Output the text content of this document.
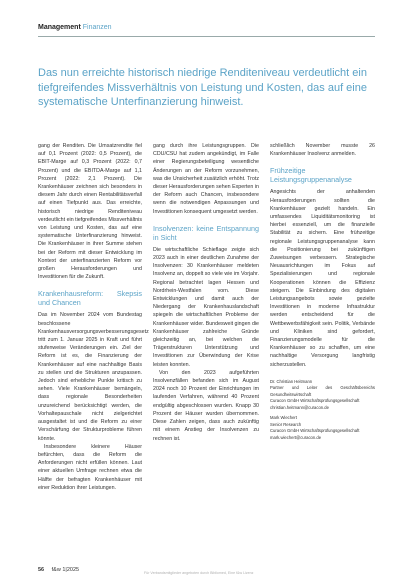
Management Finanzen
Das nun erreichte historisch niedrige Renditeniveau verdeutlicht ein tiefgreifendes Missverhältnis von Leistung und Kosten, das auf eine systematische Unterfinanzierung hinweist.

gang der Renditen. Die Umsatzrendite fiel auf 0,1 Prozent (2022: 0,5 Prozent), die EBIT-Marge auf 0,3 Prozent (2022: 0,7 Prozent) und die EBITDA-Marge auf 1,1 Prozent (2022: 2,1 Prozent). Die Krankenhäuser zeichnen sich besonders in diesem Jahr durch einen Rentabilitätsverfall auf einen Tiefpunkt aus. Das erreichte, historisch niedrige Renditeniveau verdeutlicht ein tiefgreifendes Missverhältnis von Leistung und Kosten, das auf eine systematische Unterfinanzierung hinweist. Die Krankenhäuser in ihrer Summe stehen bei der Reform mit dieser Entwicklung im Kontext der unterfinanzierten Reform vor großen Herausforderungen und Investitionen für die Zukunft.

Krankenhausreform: Skepsis und Chancen

Das im November 2024 vom Bundestag beschlossene Krankenhausversorgungsverbesserungsgesetz tritt zum 1. Januar 2025 in Kraft und führt stufenweise Veränderungen ein. Ziel der Reform ist es, die Finanzierung der Krankenhäuser auf eine nachhaltige Basis zu stellen und die Strukturen anzupassen. Jedoch sind erhebliche Punkte kritisch zu sehen. Viele Krankenhäuser bemängeln, dass regionale Besonderheiten unzureichend berücksichtigt werden, die Vorhaltepauschale nicht zielgerichtet ausgestaltet ist und die Reform zu einer Verschärfung der Strukturprobleme führen könnte.

Insbesondere kleinere Häuser befürchten, dass die Reform die Anforderungen nicht erfüllen können. Laut einer aktuellen Umfrage rechnen etwa die Hälfte der befragten Krankenhäuser mit einer Reduktion ihrer Leistungen.

gang durch ihre Leistungsgruppen. Die CDU/CSU hat zudem angekündigt, im Falle einer Regierungsbeteiligung wesentliche Änderungen an der Reform vorzunehmen, was die Unsicherheit zusätzlich erhöht. Trotz dieser Herausforderungen sehen Experten in der Reform auch Chancen, insbesondere wenn die notwendigen Anpassungen und Investitionen konsequent umgesetzt werden.

Insolvenzen: keine Entspannung in Sicht

Die wirtschaftliche Schieflage zeigte sich 2023 auch in einer deutlichen Zunahme der Insolvenzen: 30 Krankenhäuser meldeten Insolvenz an, doppelt so viele wie im Vorjahr. Regional betrachtet lagen Hessen und Nordrhein-Westfalen vorn. Diese Entwicklungen und damit auch der Niedergang der Krankenhauslandschaft spiegeln die wirtschaftlichen Probleme der Krankenhäuser wider. Bundesweit gingen die Krankenhäuser zahlreiche Gründe gleichzeitig an, bei welchen die Trägerstrukturen Unterstützung und Investitionen zur Überwindung der Krise leisten konnten.

Von den 2023 aufgeführten Insolvenzfällen befanden sich im August 2024 noch 10 Prozent der Einrichtungen im laufenden Verfahren, während 40 Prozent endgültig abgeschlossen wurden. Knapp 30 Prozent der Häuser wurden übernommen. Diese Zahlen zeigen, dass auch zukünftig mit einem Anstieg der Insolvenzen zu rechnen ist.

schließlich November musste 26 Krankenhäuser Insolvenz anmelden.

Frühzeitige Leistungsgruppenanalyse

Angesichts der anhaltenden Herausforderungen sollten die Krankenhäuser gezielt handeln. Ein umfassendes Liquiditätsmonitoring ist hierbei essenziell, um die finanzielle Stabilität zu sichern. Eine frühzeitige regionale Leistungsgruppenanalyse kann die Positionierung bei zukünftigen Zuweisungen verbessern. Strategische Neuausrichtungen im Fokus auf Spezialisierungen und regionale Kooperationen können die Effizienz steigern. Die Einbindung des digitalen Leistungsangebots sowie gezielte Investitionen in moderne Infrastruktur werden entscheidend für die Wettbewerbsfähigkeit sein. Politik, Verbände und Kliniken sind gefordert, Finanzierungsmodelle für die Krankenhäuser so zu schaffen, um eine nachhaltige Versorgung langfristig sicherzustellen.

Dr. Christian Heitmann
Partner und Leiter des Geschäftsbereichs Gesundheitswirtschaft
Curacon GmbH Wirtschaftsprüfungsgesellschaft
christian.heitmann@curacon.de
Mark Wiechert
Senior Research
Curacon GmbH Wirtschaftsprüfungsgesellschaft
mark.wiechert@curacon.de
56 f&w 1|2025	Für Verbandsmitglieder angeboten durch Bibliomed, Eine f&w Lizenz
